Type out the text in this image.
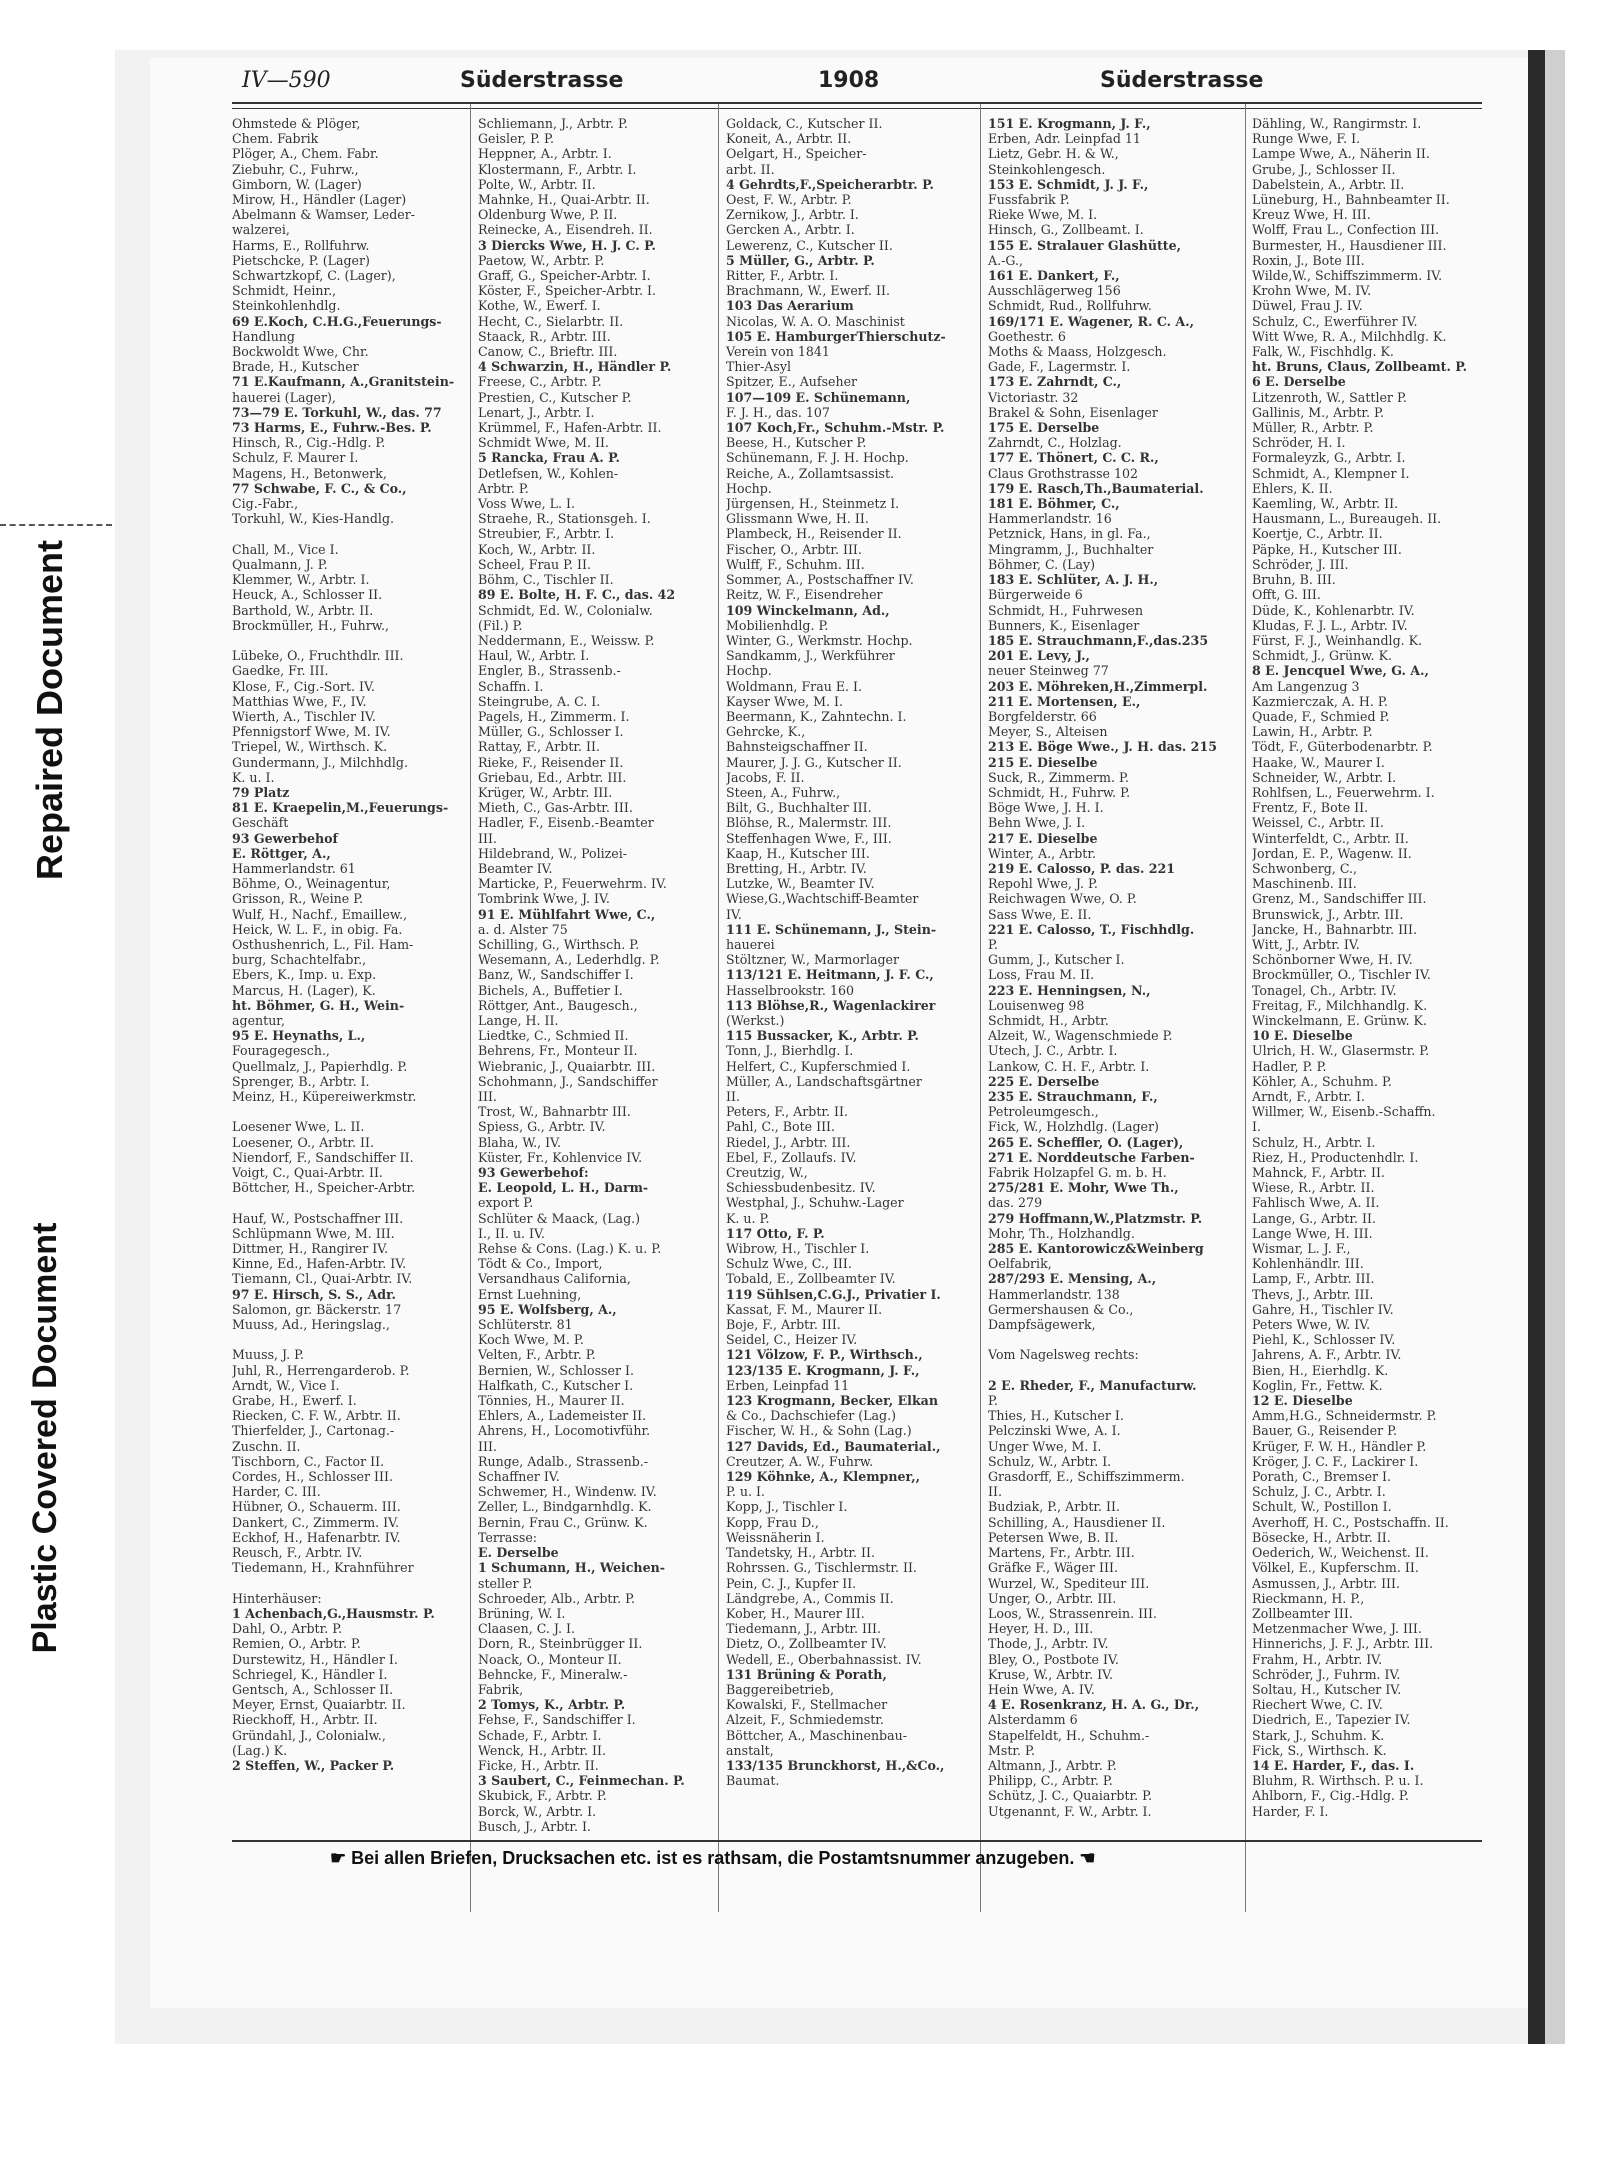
Repaired Document
Plastic Covered Document
IV—590	Süderstrasse	1908	Süderstrasse
Ohmstede & Plöger,
Chem. Fabrik
Plöger, A., Chem. Fabr.
Ziebuhr, C., Fuhrw.,
Gimborn, W. (Lager)
Mirow, H., Händler (Lager)
Abelmann & Wamser, Leder-
walzerei,
Harms, E., Rollfuhrw.
Pietschcke, P. (Lager)
Schwartzkopf, C. (Lager),
Schmidt, Heinr.,
Steinkohlenhdlg.
69 E.Koch, C.H.G.,Feuerungs-
Handlung
Bockwoldt Wwe, Chr.
Brade, H., Kutscher
71 E.Kaufmann, A.,Granitstein-
hauerei (Lager),
73—79 E. Torkuhl, W., das. 77
73 Harms, E., Fuhrw.-Bes. P.
Hinsch, R., Cig.-Hdlg. P.
Schulz, F. Maurer I.
Magens, H., Betonwerk,
77 Schwabe, F. C., & Co.,
Cig.-Fabr.,
Torkuhl, W., Kies-Handlg.

Chall, M., Vice I.
Qualmann, J. P.
Klemmer, W., Arbtr. I.
Heuck, A., Schlosser II.
Barthold, W., Arbtr. II.
Brockmüller, H., Fuhrw.,

Lübeke, O., Fruchthdlr. III.
Gaedke, Fr. III.
Klose, F., Cig.-Sort. IV.
Matthias Wwe, F., IV.
Wierth, A., Tischler IV.
Pfennigstorf Wwe, M. IV.
Triepel, W., Wirthsch. K.
Gundermann, J., Milchhdlg.
K. u. I.
79 Platz
81 E. Kraepelin,M.,Feuerungs-
Geschäft
93 Gewerbehof
E. Röttger, A.,
Hammerlandstr. 61
Böhme, O., Weinagentur,
Grisson, R., Weine P.
Wulf, H., Nachf., Emaillew.,
Heick, W. L. F., in obig. Fa.
Osthushenrich, L., Fil. Ham-
burg, Schachtelfabr.,
Ebers, K., Imp. u. Exp.
Marcus, H. (Lager), K.
ht. Böhmer, G. H., Wein-
agentur,
95 E. Heynaths, L.,
Fouragegesch.,
Quellmalz, J., Papierhdlg. P.
Sprenger, B., Arbtr. I.
Meinz, H., Küpereiwerkmstr.

Loesener Wwe, L. II.
Loesener, O., Arbtr. II.
Niendorf, F., Sandschiffer II.
Voigt, C., Quai-Arbtr. II.
Böttcher, H., Speicher-Arbtr.

Hauf, W., Postschaffner III.
Schlüpmann Wwe, M. III.
Dittmer, H., Rangirer IV.
Kinne, Ed., Hafen-Arbtr. IV.
Tiemann, Cl., Quai-Arbtr. IV.
97 E. Hirsch, S. S., Adr.
Salomon, gr. Bäckerstr. 17
Muuss, Ad., Heringslag.,

Muuss, J. P.
Juhl, R., Herrengarderob. P.
Arndt, W., Vice I.
Grabe, H., Ewerf. I.
Riecken, C. F. W., Arbtr. II.
Thierfelder, J., Cartonag.-
Zuschn. II.
Tischborn, C., Factor II.
Cordes, H., Schlosser III.
Harder, C. III.
Hübner, O., Schauerm. III.
Dankert, C., Zimmerm. IV.
Eckhof, H., Hafenarbtr. IV.
Reusch, F., Arbtr. IV.
Tiedemann, H., Krahnführer

Hinterhäuser:
1 Achenbach,G.,Hausmstr. P.
Dahl, O., Arbtr. P.
Remien, O., Arbtr. P.
Durstewitz, H., Händler I.
Schriegel, K., Händler I.
Gentsch, A., Schlosser II.
Meyer, Ernst, Quaiarbtr. II.
Rieckhoff, H., Arbtr. II.
Gründahl, J., Colonialw.,
(Lag.) K.
2 Steffen, W., Packer P.
Schliemann, J., Arbtr. P.
Geisler, P. P.
Heppner, A., Arbtr. I.
Klostermann, F., Arbtr. I.
Polte, W., Arbtr. II.
Mahnke, H., Quai-Arbtr. II.
Oldenburg Wwe, P. II.
Reinecke, A., Eisendreh. II.
3 Diercks Wwe, H. J. C. P.
Paetow, W., Arbtr. P.
Graff, G., Speicher-Arbtr. I.
Köster, F., Speicher-Arbtr. I.
Kothe, W., Ewerf. I.
Hecht, C., Sielarbtr. II.
Staack, R., Arbtr. III.
Canow, C., Brieftr. III.
4 Schwarzin, H., Händler P.
Freese, C., Arbtr. P.
Prestien, C., Kutscher P.
Lenart, J., Arbtr. I.
Krümmel, F., Hafen-Arbtr. II.
Schmidt Wwe, M. II.
5 Rancka, Frau A. P.
Detlefsen, W., Kohlen-
Arbtr. P.
Voss Wwe, L. I.
Straehe, R., Stationsgeh. I.
Streubier, F., Arbtr. I.
Koch, W., Arbtr. II.
Scheel, Frau P. II.
Böhm, C., Tischler II.
89 E. Bolte, H. F. C., das. 42
Schmidt, Ed. W., Colonialw.
(Fil.) P.
Neddermann, E., Weissw. P.
Haul, W., Arbtr. I.
Engler, B., Strassenb.-
Schaffn. I.
Steingrube, A. C. I.
Pagels, H., Zimmerm. I.
Müller, G., Schlosser I.
Rattay, F., Arbtr. II.
Rieke, F., Reisender II.
Griebau, Ed., Arbtr. III.
Krüger, W., Arbtr. III.
Mieth, C., Gas-Arbtr. III.
Hadler, F., Eisenb.-Beamter
III.
Hildebrand, W., Polizei-
Beamter IV.
Marticke, P., Feuerwehrm. IV.
Tombrink Wwe, J. IV.
91 E. Mühlfahrt Wwe, C.,
a. d. Alster 75
Schilling, G., Wirthsch. P.
Wesemann, A., Lederhdlg. P.
Banz, W., Sandschiffer I.
Bichels, A., Buffetier I.
Röttger, Ant., Baugesch.,
Lange, H. II.
Liedtke, C., Schmied II.
Behrens, Fr., Monteur II.
Wiebranic, J., Quaiarbtr. III.
Schohmann, J., Sandschiffer
III.
Trost, W., Bahnarbtr III.
Spiess, G., Arbtr. IV.
Blaha, W., IV.
Küster, Fr., Kohlenvice IV.
93 Gewerbehof:
E. Leopold, L. H., Darm-
export P.
Schlüter & Maack, (Lag.)
I., II. u. IV.
Rehse & Cons. (Lag.) K. u. P.
Tödt & Co., Import,
Versandhaus California,
Ernst Luehning,
95 E. Wolfsberg, A.,
Schlüterstr. 81
Koch Wwe, M. P.
Velten, F., Arbtr. P.
Bernien, W., Schlosser I.
Halfkath, C., Kutscher I.
Tönnies, H., Maurer II.
Ehlers, A., Lademeister II.
Ahrens, H., Locomotivführ.
III.
Runge, Adalb., Strassenb.-
Schaffner IV.
Schwemer, H., Windenw. IV.
Zeller, L., Bindgarnhdlg. K.
Bernin, Frau C., Grünw. K.
Terrasse:
E. Derselbe
1 Schumann, H., Weichen-
steller P.
Schroeder, Alb., Arbtr. P.
Brüning, W. I.
Claasen, C. J. I.
Dorn, R., Steinbrügger II.
Noack, O., Monteur II.
Behncke, F., Mineralw.-
Fabrik,
2 Tomys, K., Arbtr. P.
Fehse, F., Sandschiffer I.
Schade, F., Arbtr. I.
Wenck, H., Arbtr. II.
Ficke, H., Arbtr. II.
3 Saubert, C., Feinmechan. P.
Skubick, F., Arbtr. P.
Borck, W., Arbtr. I.
Busch, J., Arbtr. I.
Goldack, C., Kutscher II.
Koneit, A., Arbtr. II.
Oelgart, H., Speicher-
arbt. II.
4 Gehrdts,F.,Speicherarbtr. P.
Oest, F. W., Arbtr. P.
Zernikow, J., Arbtr. I.
Gercken A., Arbtr. I.
Lewerenz, C., Kutscher II.
5 Müller, G., Arbtr. P.
Ritter, F., Arbtr. I.
Brachmann, W., Ewerf. II.
103 Das Aerarium
Nicolas, W. A. O. Maschinist
105 E. HamburgerThierschutz-
Verein von 1841
Thier-Asyl
Spitzer, E., Aufseher
107—109 E. Schünemann,
F. J. H., das. 107
107 Koch,Fr., Schuhm.-Mstr. P.
Beese, H., Kutscher P.
Schünemann, F. J. H. Hochp.
Reiche, A., Zollamtsassist.
Hochp.
Jürgensen, H., Steinmetz I.
Glissmann Wwe, H. II.
Plambeck, H., Reisender II.
Fischer, O., Arbtr. III.
Wulff, F., Schuhm. III.
Sommer, A., Postschaffner IV.
Reitz, W. F., Eisendreher
109 Winckelmann, Ad.,
Mobilienhdlg. P.
Winter, G., Werkmstr. Hochp.
Sandkamm, J., Werkführer
Hochp.
Woldmann, Frau E. I.
Kayser Wwe, M. I.
Beermann, K., Zahntechn. I.
Gehrcke, K.,
Bahnsteigschaffner II.
Maurer, J. J. G., Kutscher II.
Jacobs, F. II.
Steen, A., Fuhrw.,
Bilt, G., Buchhalter III.
Blöhse, R., Malermstr. III.
Steffenhagen Wwe, F., III.
Kaap, H., Kutscher III.
Bretting, H., Arbtr. IV.
Lutzke, W., Beamter IV.
Wiese,G.,Wachtschiff-Beamter
IV.
111 E. Schünemann, J., Stein-
hauerei
Stöltzner, W., Marmorlager
113/121 E. Heitmann, J. F. C.,
Hasselbrookstr. 160
113 Blöhse,R., Wagenlackirer
(Werkst.)
115 Bussacker, K., Arbtr. P.
Tonn, J., Bierhdlg. I.
Helfert, C., Kupferschmied I.
Müller, A., Landschaftsgärtner
II.
Peters, F., Arbtr. II.
Pahl, C., Bote III.
Riedel, J., Arbtr. III.
Ebel, F., Zollaufs. IV.
Creutzig, W.,
Schiessbudenbesitz. IV.
Westphal, J., Schuhw.-Lager
K. u. P.
117 Otto, F. P.
Wibrow, H., Tischler I.
Schulz Wwe, C., III.
Tobald, E., Zollbeamter IV.
119 Sühlsen,C.G.J., Privatier I.
Kassat, F. M., Maurer II.
Boje, F., Arbtr. III.
Seidel, C., Heizer IV.
121 Völzow, F. P., Wirthsch.,
123/135 E. Krogmann, J. F.,
Erben, Leinpfad 11
123 Krogmann, Becker, Elkan
& Co., Dachschiefer (Lag.)
Fischer, W. H., & Sohn (Lag.)
127 Davids, Ed., Baumaterial.,
Creutzer, A. W., Fuhrw.
129 Köhnke, A., Klempner,,
P. u. I.
Kopp, J., Tischler I.
Kopp, Frau D.,
Weissnäherin I.
Tandetsky, H., Arbtr. II.
Rohrssen. G., Tischlermstr. II.
Pein, C. J., Kupfer II.
Ländgrebe, A., Commis II.
Kober, H., Maurer III.
Tiedemann, J., Arbtr. III.
Dietz, O., Zollbeamter IV.
Wedell, E., Oberbahnassist. IV.
131 Brüning & Porath,
Baggereibetrieb,
Kowalski, F., Stellmacher
Alzeit, F., Schmiedemstr.
Böttcher, A., Maschinenbau-
anstalt,
133/135 Brunckhorst, H.,&Co.,
Baumat.
151 E. Krogmann, J. F.,
Erben, Adr. Leinpfad 11
Lietz, Gebr. H. & W.,
Steinkohlengesch.
153 E. Schmidt, J. J. F.,
Fussfabrik P.
Rieke Wwe, M. I.
Hinsch, G., Zollbeamt. I.
155 E. Stralauer Glashütte,
A.-G.,
161 E. Dankert, F.,
Ausschlägerweg 156
Schmidt, Rud., Rollfuhrw.
169/171 E. Wagener, R. C. A.,
Goethestr. 6
Moths & Maass, Holzgesch.
Gade, F., Lagermstr. I.
173 E. Zahrndt, C.,
Victoriastr. 32
Brakel & Sohn, Eisenlager
175 E. Derselbe
Zahrndt, C., Holzlag.
177 E. Thönert, C. C. R.,
Claus Grothstrasse 102
179 E. Rasch,Th.,Baumaterial.
181 E. Böhmer, C.,
Hammerlandstr. 16
Petznick, Hans, in gl. Fa.,
Mingramm, J., Buchhalter
Böhmer, C. (Lay)
183 E. Schlüter, A. J. H.,
Bürgerweide 6
Schmidt, H., Fuhrwesen
Bunners, K., Eisenlager
185 E. Strauchmann,F.,das.235
201 E. Levy, J.,
neuer Steinweg 77
203 E. Möhreken,H.,Zimmerpl.
211 E. Mortensen, E.,
Borgfelderstr. 66
Meyer, S., Alteisen
213 E. Böge Wwe., J. H. das. 215
215 E. Dieselbe
Suck, R., Zimmerm. P.
Schmidt, H., Fuhrw. P.
Böge Wwe, J. H. I.
Behn Wwe, J. I.
217 E. Dieselbe
Winter, A., Arbtr.
219 E. Calosso, P. das. 221
Repohl Wwe, J. P.
Reichwagen Wwe, O. P.
Sass Wwe, E. II.
221 E. Calosso, T., Fischhdlg.
P.
Gumm, J., Kutscher I.
Loss, Frau M. II.
223 E. Henningsen, N.,
Louisenweg 98
Schmidt, H., Arbtr.
Alzeit, W., Wagenschmiede P.
Utech, J. C., Arbtr. I.
Lankow, C. H. F., Arbtr. I.
225 E. Derselbe
235 E. Strauchmann, F.,
Petroleumgesch.,
Fick, W., Holzhdlg. (Lager)
265 E. Scheffler, O. (Lager),
271 E. Norddeutsche Farben-
Fabrik Holzapfel G. m. b. H.
275/281 E. Mohr, Wwe Th.,
das. 279
279 Hoffmann,W.,Platzmstr. P.
Mohr, Th., Holzhandlg.
285 E. Kantorowicz&Weinberg
Oelfabrik,
287/293 E. Mensing, A.,
Hammerlandstr. 138
Germershausen & Co.,
Dampfsägewerk,

Vom Nagelsweg rechts:

2 E. Rheder, F., Manufacturw.
P.
Thies, H., Kutscher I.
Pelczinski Wwe, A. I.
Unger Wwe, M. I.
Schulz, W., Arbtr. I.
Grasdorff, E., Schiffszimmerm.
II.
Budziak, P., Arbtr. II.
Schilling, A., Hausdiener II.
Petersen Wwe, B. II.
Martens, Fr., Arbtr. III.
Gräfke F., Wäger III.
Wurzel, W., Spediteur III.
Unger, O., Arbtr. III.
Loos, W., Strassenrein. III.
Heyer, H. D., III.
Thode, J., Arbtr. IV.
Bley, O., Postbote IV.
Kruse, W., Arbtr. IV.
Hein Wwe, A. IV.
4 E. Rosenkranz, H. A. G., Dr.,
Alsterdamm 6
Stapelfeldt, H., Schuhm.-
Mstr. P.
Altmann, J., Arbtr. P.
Philipp, C., Arbtr. P.
Schütz, J. C., Quaiarbtr. P.
Utgenannt, F. W., Arbtr. I.
Dähling, W., Rangirmstr. I.
Runge Wwe, F. I.
Lampe Wwe, A., Näherin II.
Grube, J., Schlosser II.
Dabelstein, A., Arbtr. II.
Lüneburg, H., Bahnbeamter II.
Kreuz Wwe, H. III.
Wolff, Frau L., Confection III.
Burmester, H., Hausdiener III.
Roxin, J., Bote III.
Wilde,W., Schiffszimmerm. IV.
Krohn Wwe, M. IV.
Düwel, Frau J. IV.
Schulz, C., Ewerführer IV.
Witt Wwe, R. A., Milchhdlg. K.
Falk, W., Fischhdlg. K.
ht. Bruns, Claus, Zollbeamt. P.
6 E. Derselbe
Litzenroth, W., Sattler P.
Gallinis, M., Arbtr. P.
Müller, R., Arbtr. P.
Schröder, H. I.
Formaleyzk, G., Arbtr. I.
Schmidt, A., Klempner I.
Ehlers, K. II.
Kaemling, W., Arbtr. II.
Hausmann, L., Bureaugeh. II.
Koertje, C., Arbtr. II.
Päpke, H., Kutscher III.
Schröder, J. III.
Bruhn, B. III.
Offt, G. III.
Düde, K., Kohlenarbtr. IV.
Kludas, F. J. L., Arbtr. IV.
Fürst, F. J., Weinhandlg. K.
Schmidt, J., Grünw. K.
8 E. Jencquel Wwe, G. A.,
Am Langenzug 3
Kazmierczak, A. H. P.
Quade, F., Schmied P.
Lawin, H., Arbtr. P.
Tödt, F., Güterbodenarbtr. P.
Haake, W., Maurer I.
Schneider, W., Arbtr. I.
Rohlfsen, L., Feuerwehrm. I.
Frentz, F., Bote II.
Weissel, C., Arbtr. II.
Winterfeldt, C., Arbtr. II.
Jordan, E. P., Wagenw. II.
Schwonberg, C.,
Maschinenb. III.
Grenz, M., Sandschiffer III.
Brunswick, J., Arbtr. III.
Jancke, H., Bahnarbtr. III.
Witt, J., Arbtr. IV.
Schönborner Wwe, H. IV.
Brockmüller, O., Tischler IV.
Tonagel, Ch., Arbtr. IV.
Freitag, F., Milchhandlg. K.
Winckelmann, E. Grünw. K.
10 E. Dieselbe
Ulrich, H. W., Glasermstr. P.
Hadler, P. P.
Köhler, A., Schuhm. P.
Arndt, F., Arbtr. I.
Willmer, W., Eisenb.-Schaffn.
I.
Schulz, H., Arbtr. I.
Riez, H., Productenhdlr. I.
Mahnck, F., Arbtr. II.
Wiese, R., Arbtr. II.
Fahlisch Wwe, A. II.
Lange, G., Arbtr. II.
Lange Wwe, H. III.
Wismar, L. J. F.,
Kohlenhändlr. III.
Lamp, F., Arbtr. III.
Thevs, J., Arbtr. III.
Gahre, H., Tischler IV.
Peters Wwe, W. IV.
Piehl, K., Schlosser IV.
Jahrens, A. F., Arbtr. IV.
Bien, H., Eierhdlg. K.
Koglin, Fr., Fettw. K.
12 E. Dieselbe
Amm,H.G., Schneidermstr. P.
Bauer, G., Reisender P.
Krüger, F. W. H., Händler P.
Kröger, J. C. F., Lackirer I.
Porath, C., Bremser I.
Schulz, J. C., Arbtr. I.
Schult, W., Postillon I.
Averhoff, H. C., Postschaffn. II.
Bösecke, H., Arbtr. II.
Oederich, W., Weichenst. II.
Völkel, E., Kupferschm. II.
Asmussen, J., Arbtr. III.
Rieckmann, H. P.,
Zollbeamter III.
Metzenmacher Wwe, J. III.
Hinnerichs, J. F. J., Arbtr. III.
Frahm, H., Arbtr. IV.
Schröder, J., Fuhrm. IV.
Soltau, H., Kutscher IV.
Riechert Wwe, C. IV.
Diedrich, E., Tapezier IV.
Stark, J., Schuhm. K.
Fick, S., Wirthsch. K.
14 E. Harder, F., das. I.
Bluhm, R. Wirthsch. P. u. I.
Ahlborn, F., Cig.-Hdlg. P.
Harder, F. I.
☛ Bei allen Briefen, Drucksachen etc. ist es rathsam, die Postamtsnummer anzugeben. ☚
